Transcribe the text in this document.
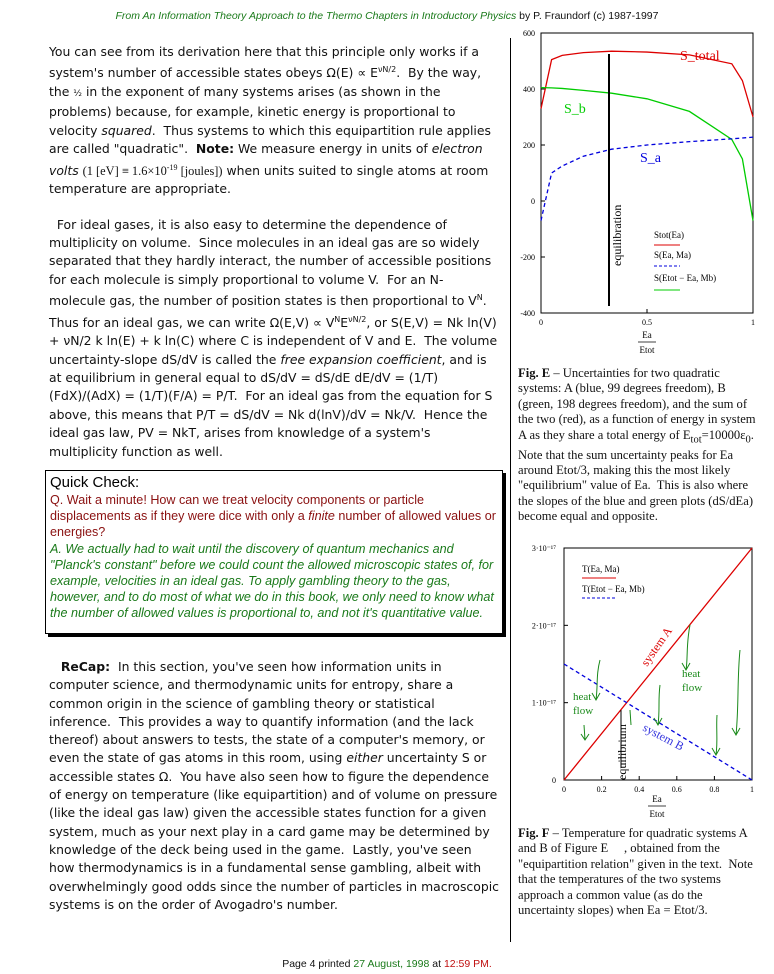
From An Information Theory Approach to the Thermo Chapters in Introductory Physics by P. Fraundorf (c) 1987-1997

You can see from its derivation here that this principle only works if a system's number of accessible states obeys $\Omega(E) \propto E^{\nu N/2}$.  By the way, the ½ in the exponent of many systems arises (as shown in the problems) because, for example, kinetic energy is proportional to velocity squared.  Thus systems to which this equipartition rule applies are called "quadratic".  Note: We measure energy in units of electron volts (1 $[eV] \equiv 1.6\times 10^{-19}$ [joules]) when units suited to single atoms at room temperature are appropriate.

For ideal gases, it is also easy to determine the dependence of multiplicity on volume.  Since molecules in an ideal gas are so widely separated that they hardly interact, the number of accessible positions for each molecule is simply proportional to volume V.  For an N-molecule gas, the number of position states is then proportional to $V^N$.  Thus for an ideal gas, we can write $\Omega(E,V) \propto V^NE^{\nu N/2}$, or S(E,V) = Nk ln(V) + νN/2 k ln(E) + k ln(C) where C is independent of V and E.  The volume uncertainty-slope dS/dV is called the free expansion coefficient, and is at equilibrium in general equal to dS/dV = dS/dE dE/dV = (1/T)(FdX)/(AdX) = (1/T)(F/A) = P/T.  For an ideal gas from the equation for S above, this means that P/T = dS/dV = Nk d(lnV)/dV = Nk/V.  Hence the ideal gas law, PV = NkT, arises from knowledge of a system's multiplicity function as well.

Quick Check:
Q. Wait a minute! How can we treat velocity components or particle displacements as if they were dice with only a finite number of allowed values or energies?
A. We actually had to wait until the discovery of quantum mechanics and "Planck's constant" before we could count the allowed microscopic states of, for example, velocities in an ideal gas. To apply gambling theory to the gas, however, and to do most of what we do in this book, we only need to know what the number of allowed values is proportional to, and not it's quantitative value.
ReCap:  In this section, you've seen how information units in computer science, and thermodynamic units for entropy, share a common origin in the science of gambling theory or statistical inference.  This provides a way to quantify information (and the lack thereof) about answers to tests, the state of a computer's memory, or even the state of gas atoms in this room, using either uncertainty S or accessible states Ω.  You have also seen how to figure the dependence of energy on temperature (like equipartition) and of volume on pressure (like the ideal gas law) given the accessible states function for a given system, much as your next play in a card game may be determined by knowledge of the deck being used in the game.  Lastly, you've seen how thermodynamics is in a fundamental sense gambling, albeit with overwhelmingly good odds since the number of particles in macroscopic systems is on the order of Avogadro's number.
600
400
200
0
-200
-400
0	0.5	1
equilibration
S_total
S_b
S_a
Stot(Ea)
S(Ea, Ma)
S(Etot − Ea, Mb)
Ea
Etot
Fig. E – Uncertainties for two quadratic systems: A (blue, 99 degrees freedom), B (green, 198 degrees freedom), and the sum of the two (red), as a function of energy in system A as they share a total energy of $E_{tot}=10000\varepsilon_0$.  Note that the sum uncertainty peaks for Ea around Etot/3, making this the most likely "equilibrium" value of Ea.  This is also where the slopes of the blue and green plots (dS/dEa) become equal and opposite.
3·10⁻¹⁷
2·10⁻¹⁷
1·10⁻¹⁷
0
0	0.2	0.4	0.6	0.8	1
T(Ea, Ma)
T(Etot − Ea, Mb)
system A
system B
equilibrium
heat
flow
heat
flow
Ea
Etot
Fig. F – Temperature for quadratic systems A and B of Figure E     , obtained from the "equipartition relation" given in the text.  Note that the temperatures of the two systems approach a common value (as do the uncertainty slopes) when Ea = Etot/3.
Page 4 printed 27 August, 1998 at 12:59 PM.
